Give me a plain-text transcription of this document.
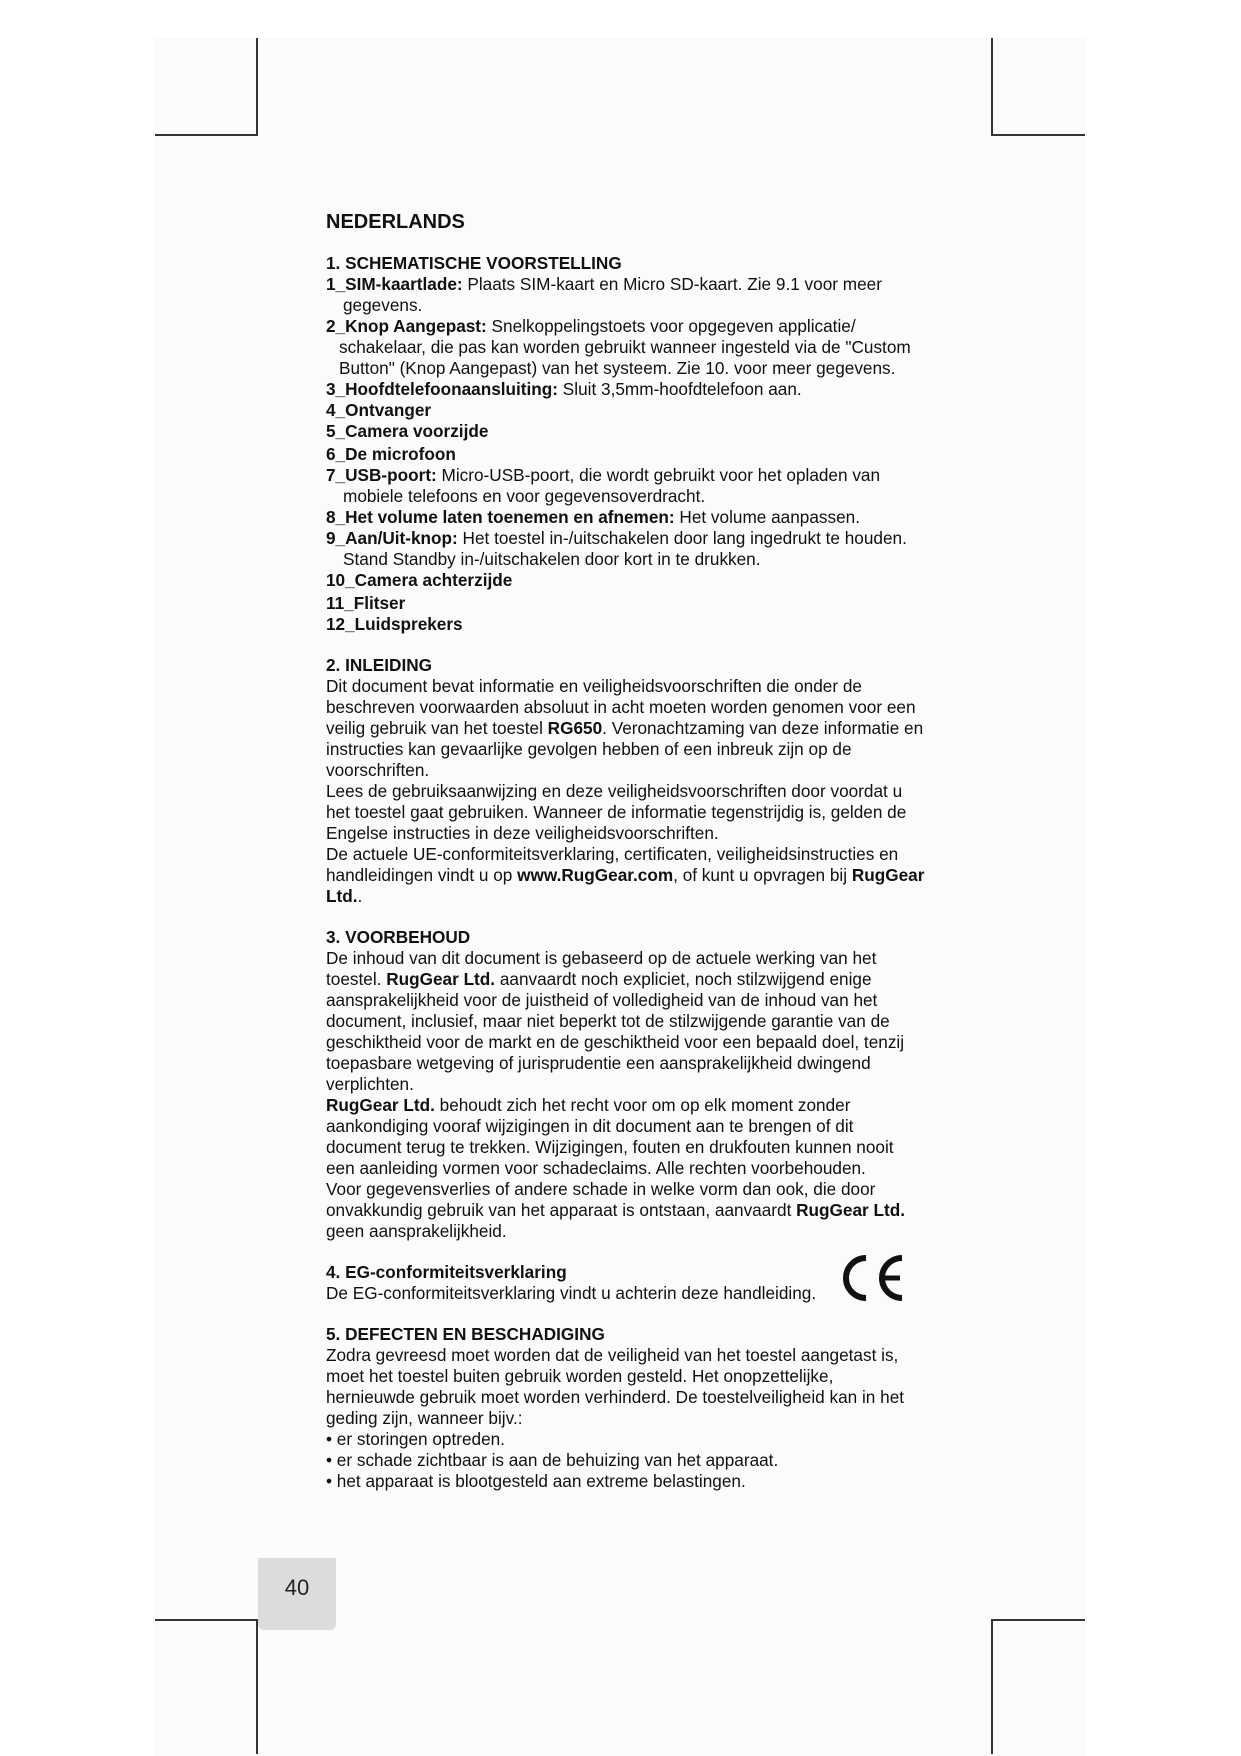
NEDERLANDS
1. SCHEMATISCHE VOORSTELLING

1_SIM-kaartlade: Plaats SIM-kaart en Micro SD-kaart. Zie 9.1 voor meer gegevens.

2_Knop Aangepast: Snelkoppelingstoets voor opgegeven applicatie/ schakelaar, die pas kan worden gebruikt wanneer ingesteld via de "Custom Button" (Knop Aangepast) van het systeem. Zie 10. voor meer gegevens.

3_Hoofdtelefoonaansluiting: Sluit 3,5mm-hoofdtelefoon aan.

4_Ontvanger

5_Camera voorzijde

6_De microfoon

7_USB-poort: Micro-USB-poort, die wordt gebruikt voor het opladen van mobiele telefoons en voor gegevensoverdracht.

8_Het volume laten toenemen en afnemen: Het volume aanpassen.

9_Aan/Uit-knop: Het toestel in-/uitschakelen door lang ingedrukt te houden. Stand Standby in-/uitschakelen door kort in te drukken.

10_Camera achterzijde

11_Flitser

12_Luidsprekers

2. INLEIDING

Dit document bevat informatie en veiligheidsvoorschriften die onder de beschreven voorwaarden absoluut in acht moeten worden genomen voor een veilig gebruik van het toestel RG650. Veronachtzaming van deze informatie en instructies kan gevaarlijke gevolgen hebben of een inbreuk zijn op de voorschriften.

Lees de gebruiksaanwijzing en deze veiligheidsvoorschriften door voordat u het toestel gaat gebruiken. Wanneer de informatie tegenstrijdig is, gelden de Engelse instructies in deze veiligheidsvoorschriften.

De actuele UE-conformiteitsverklaring, certificaten, veiligheidsinstructies en handleidingen vindt u op www.RugGear.com, of kunt u opvragen bij RugGear Ltd..

3. VOORBEHOUD

De inhoud van dit document is gebaseerd op de actuele werking van het toestel. RugGear Ltd. aanvaardt noch expliciet, noch stilzwijgend enige aansprakelijkheid voor de juistheid of volledigheid van de inhoud van het document, inclusief, maar niet beperkt tot de stilzwijgende garantie van de geschiktheid voor de markt en de geschiktheid voor een bepaald doel, tenzij toepasbare wetgeving of jurisprudentie een aansprakelijkheid dwingend verplichten.

RugGear Ltd. behoudt zich het recht voor om op elk moment zonder aankondiging vooraf wijzigingen in dit document aan te brengen of dit document terug te trekken. Wijzigingen, fouten en drukfouten kunnen nooit een aanleiding vormen voor schadeclaims. Alle rechten voorbehouden.

Voor gegevensverlies of andere schade in welke vorm dan ook, die door onvakkundig gebruik van het apparaat is ontstaan, aanvaardt RugGear Ltd. geen aansprakelijkheid.

4. EG-conformiteitsverklaring

De EG-conformiteitsverklaring vindt u achterin deze handleiding.

5. DEFECTEN EN BESCHADIGING

Zodra gevreesd moet worden dat de veiligheid van het toestel aangetast is, moet het toestel buiten gebruik worden gesteld. Het onopzettelijke, hernieuwde gebruik moet worden verhinderd. De toestelveiligheid kan in het geding zijn, wanneer bijv.:

• er storingen optreden.

• er schade zichtbaar is aan de behuizing van het apparaat.

• het apparaat is blootgesteld aan extreme belastingen.

40
